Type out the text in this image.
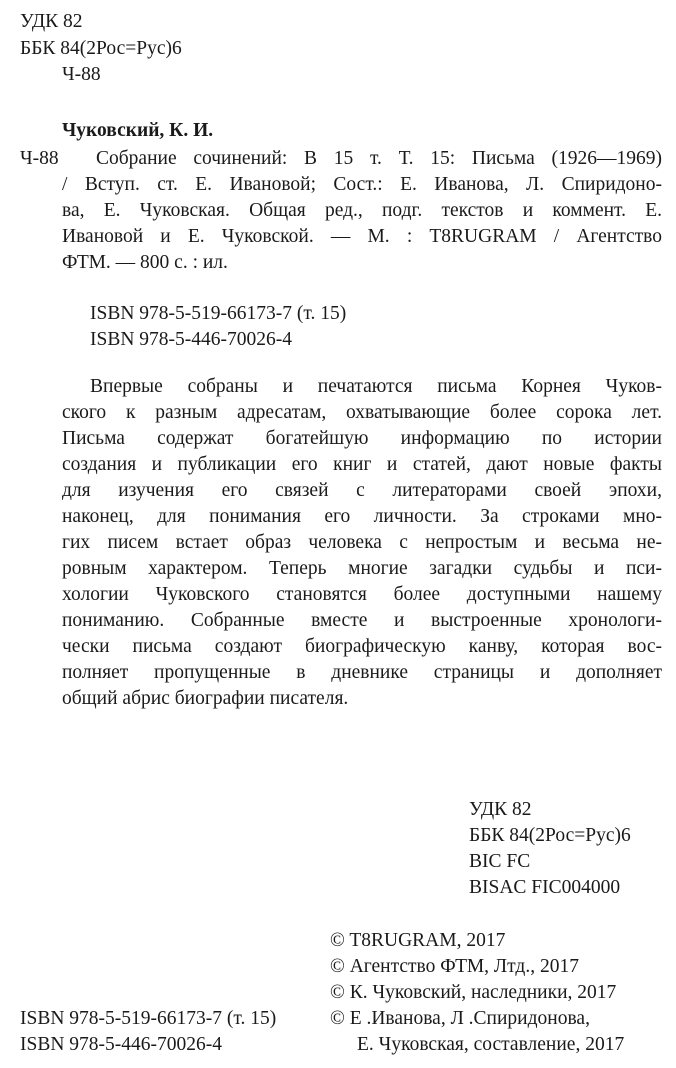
УДК 82
ББК 84(2Рос=Рус)6
Ч-88
Чуковский, К. И.
Ч-88	Собрание сочинений: В 15 т. Т. 15: Письма (1926—1969)
/ Вступ. ст. Е. Ивановой; Сост.: Е. Иванова, Л. Спиридоно-
ва, Е. Чуковская. Общая ред., подг. текстов и коммент. Е.
Ивановой и Е. Чуковской. — М. : T8RUGRAM / Агентство
ФТМ. — 800 с. : ил.
ISBN 978-5-519-66173-7 (т. 15)
ISBN 978-5-446-70026-4
Впервые собраны и печатаются письма Корнея Чуков-
ского к разным адресатам, охватывающие более сорока лет.
Письма содержат богатейшую информацию по истории
создания и публикации его книг и статей, дают новые факты
для изучения его связей с литераторами своей эпохи,
наконец, для понимания его личности. За строками мно-
гих писем встает образ человека с непростым и весьма не-
ровным характером. Теперь многие загадки судьбы и пси-
хологии Чуковского становятся более доступными нашему
пониманию. Собранные вместе и выстроенные хронологи-
чески письма создают биографическую канву, которая вос-
полняет пропущенные в дневнике страницы и дополняет
общий абрис биографии писателя.
УДК 82
ББК 84(2Рос=Рус)6
BIC FC
BISAC FIC004000
© T8RUGRAM, 2017
© Агентство ФТМ, Лтд., 2017
© К. Чуковский, наследники, 2017
© Е .Иванова, Л .Спиридонова,
Е. Чуковская, составление, 2017
ISBN 978-5-519-66173-7 (т. 15)
ISBN 978-5-446-70026-4
